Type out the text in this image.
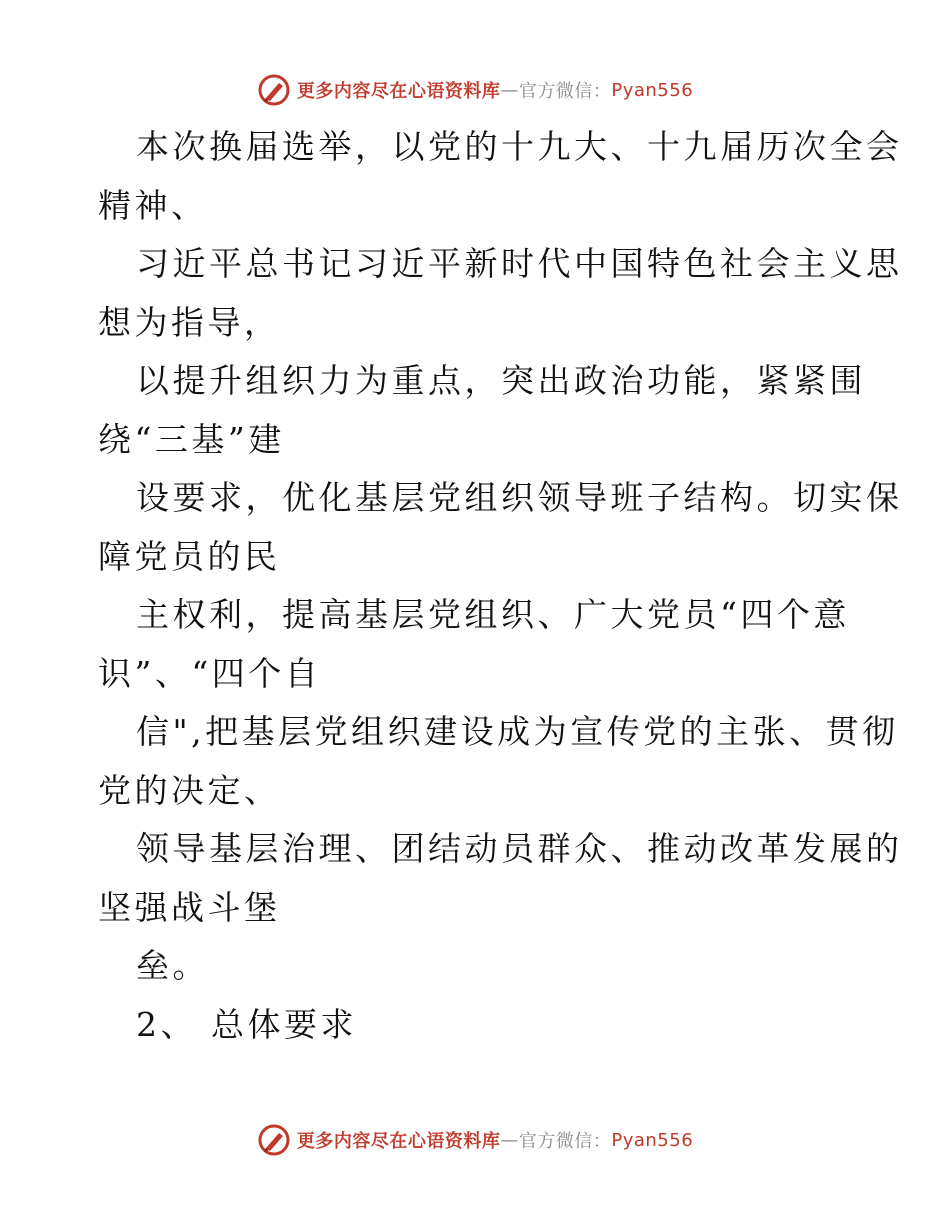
更多内容尽在心语资料库 — 官方微信： Pyan556
本次换届选举，以党的十九大、十九届历次全会
精神、
习近平总书记习近平新时代中国特色社会主义思
想为指导，
以提升组织力为重点，突出政治功能，紧紧围
绕“三基”建
设要求，优化基层党组织领导班子结构。切实保
障党员的民
主权利，提高基层党组织、广大党员“四个意
识”、“四个自
信",把基层党组织建设成为宣传党的主张、贯彻
党的决定、
领导基层治理、团结动员群众、推动改革发展的
坚强战斗堡
垒。
2、 总体要求
更多内容尽在心语资料库 — 官方微信： Pyan556
